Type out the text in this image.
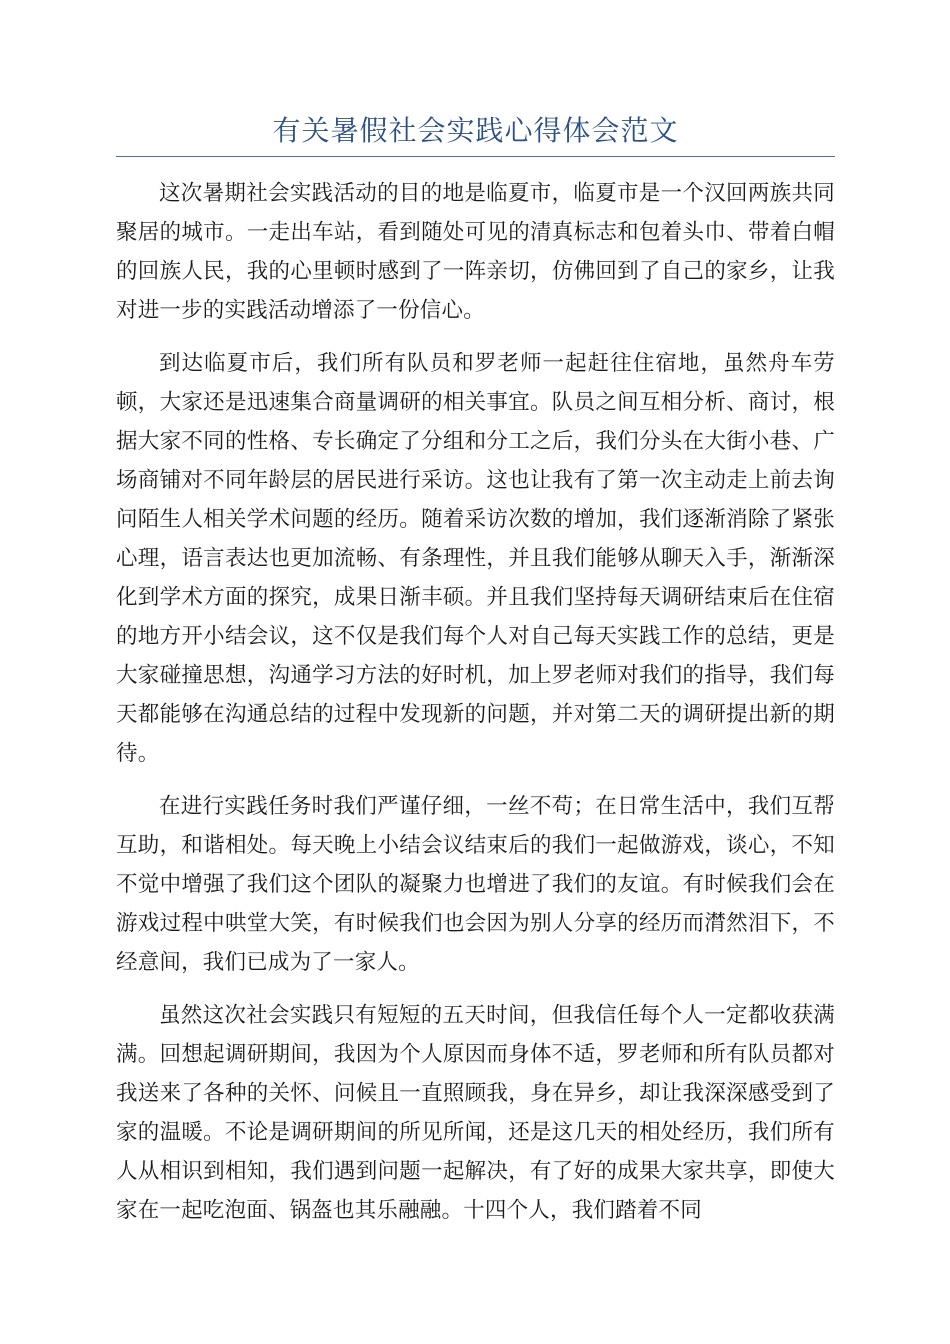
有关暑假社会实践心得体会范文

这次暑期社会实践活动的目的地是临夏市，临夏市是一个汉回两族共同聚居的城市。一走出车站，看到随处可见的清真标志和包着头巾、带着白帽的回族人民，我的心里顿时感到了一阵亲切，仿佛回到了自己的家乡，让我对进一步的实践活动增添了一份信心。

到达临夏市后，我们所有队员和罗老师一起赶往住宿地，虽然舟车劳顿，大家还是迅速集合商量调研的相关事宜。队员之间互相分析、商讨，根据大家不同的性格、专长确定了分组和分工之后，我们分头在大街小巷、广场商铺对不同年龄层的居民进行采访。这也让我有了第一次主动走上前去询问陌生人相关学术问题的经历。随着采访次数的增加，我们逐渐消除了紧张心理，语言表达也更加流畅、有条理性，并且我们能够从聊天入手，渐渐深化到学术方面的探究，成果日渐丰硕。并且我们坚持每天调研结束后在住宿的地方开小结会议，这不仅是我们每个人对自己每天实践工作的总结，更是大家碰撞思想，沟通学习方法的好时机，加上罗老师对我们的指导，我们每天都能够在沟通总结的过程中发现新的问题，并对第二天的调研提出新的期待。

在进行实践任务时我们严谨仔细，一丝不苟；在日常生活中，我们互帮互助，和谐相处。每天晚上小结会议结束后的我们一起做游戏，谈心，不知不觉中增强了我们这个团队的凝聚力也增进了我们的友谊。有时候我们会在游戏过程中哄堂大笑，有时候我们也会因为别人分享的经历而潸然泪下，不经意间，我们已成为了一家人。

虽然这次社会实践只有短短的五天时间，但我信任每个人一定都收获满满。回想起调研期间，我因为个人原因而身体不适，罗老师和所有队员都对我送来了各种的关怀、问候且一直照顾我，身在异乡，却让我深深感受到了家的温暖。不论是调研期间的所见所闻，还是这几天的相处经历，我们所有人从相识到相知，我们遇到问题一起解决，有了好的成果大家共享，即使大家在一起吃泡面、锅盔也其乐融融。十四个人，我们踏着不同
